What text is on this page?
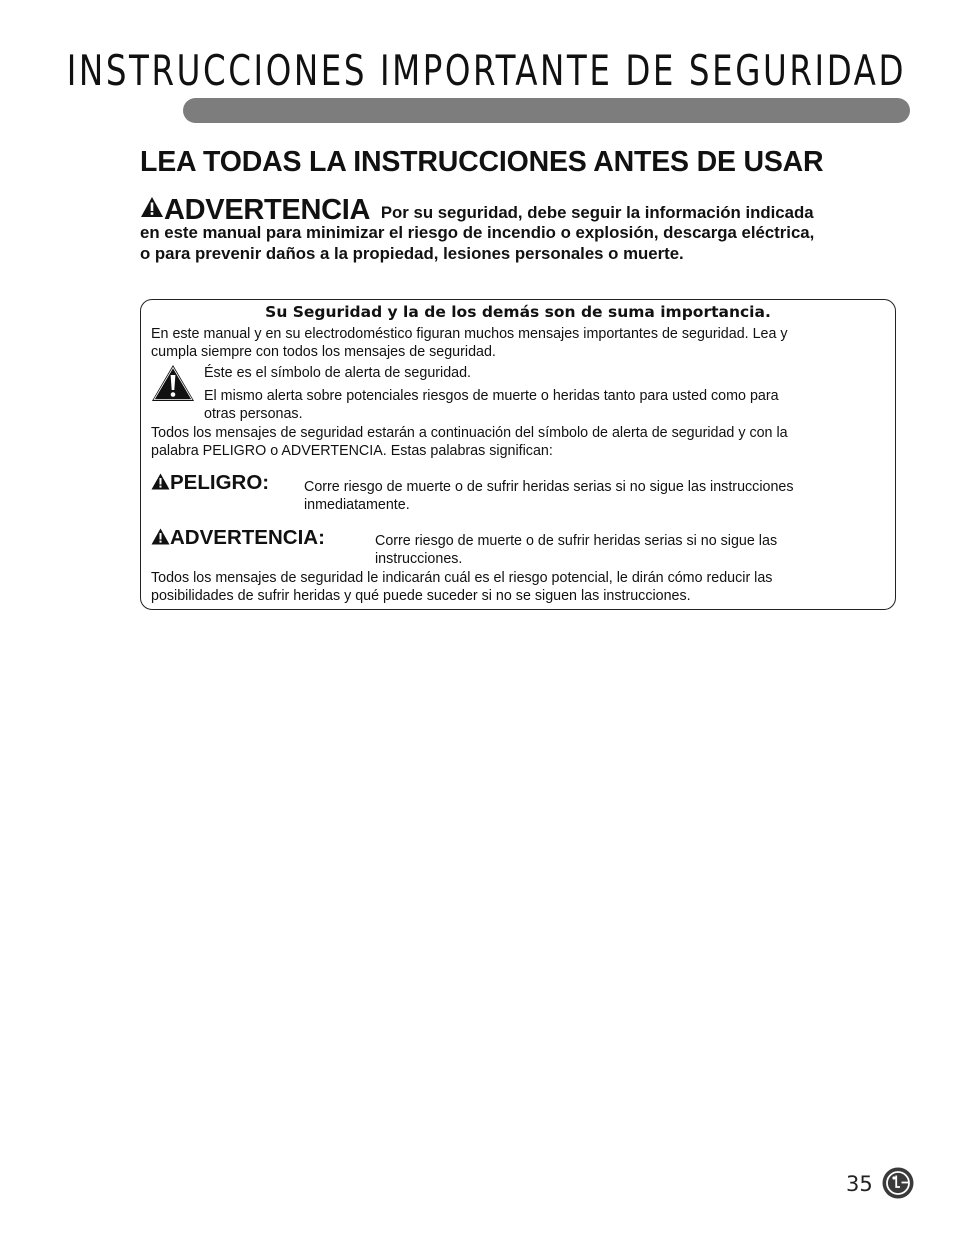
INSTRUCCIONES IMPORTANTE DE SEGURIDAD
LEA TODAS LA INSTRUCCIONES ANTES DE USAR
ADVERTENCIA Por su seguridad, debe seguir la información indicada
en este manual para minimizar el riesgo de incendio o explosión, descarga eléctrica,
o para prevenir daños a la propiedad, lesiones personales o muerte.
Su Seguridad y la de los demás son de suma importancia.
En este manual y en su electrodoméstico figuran muchos mensajes importantes de seguridad. Lea y
cumpla siempre con todos los mensajes de seguridad.
Éste es el símbolo de alerta de seguridad.
El mismo alerta sobre potenciales riesgos de muerte o heridas tanto para usted como para
otras personas.
Todos los mensajes de seguridad estarán a continuación del símbolo de alerta de seguridad y con la
palabra PELIGRO o ADVERTENCIA. Estas palabras significan:
PELIGRO: Corre riesgo de muerte o de sufrir heridas serias si no sigue las instrucciones
inmediatamente.
ADVERTENCIA:	Corre riesgo de muerte o de sufrir heridas serias si no sigue las
instrucciones.
Todos los mensajes de seguridad le indicarán cuál es el riesgo potencial, le dirán cómo reducir las
posibilidades de sufrir heridas y qué puede suceder si no se siguen las instrucciones.
35
